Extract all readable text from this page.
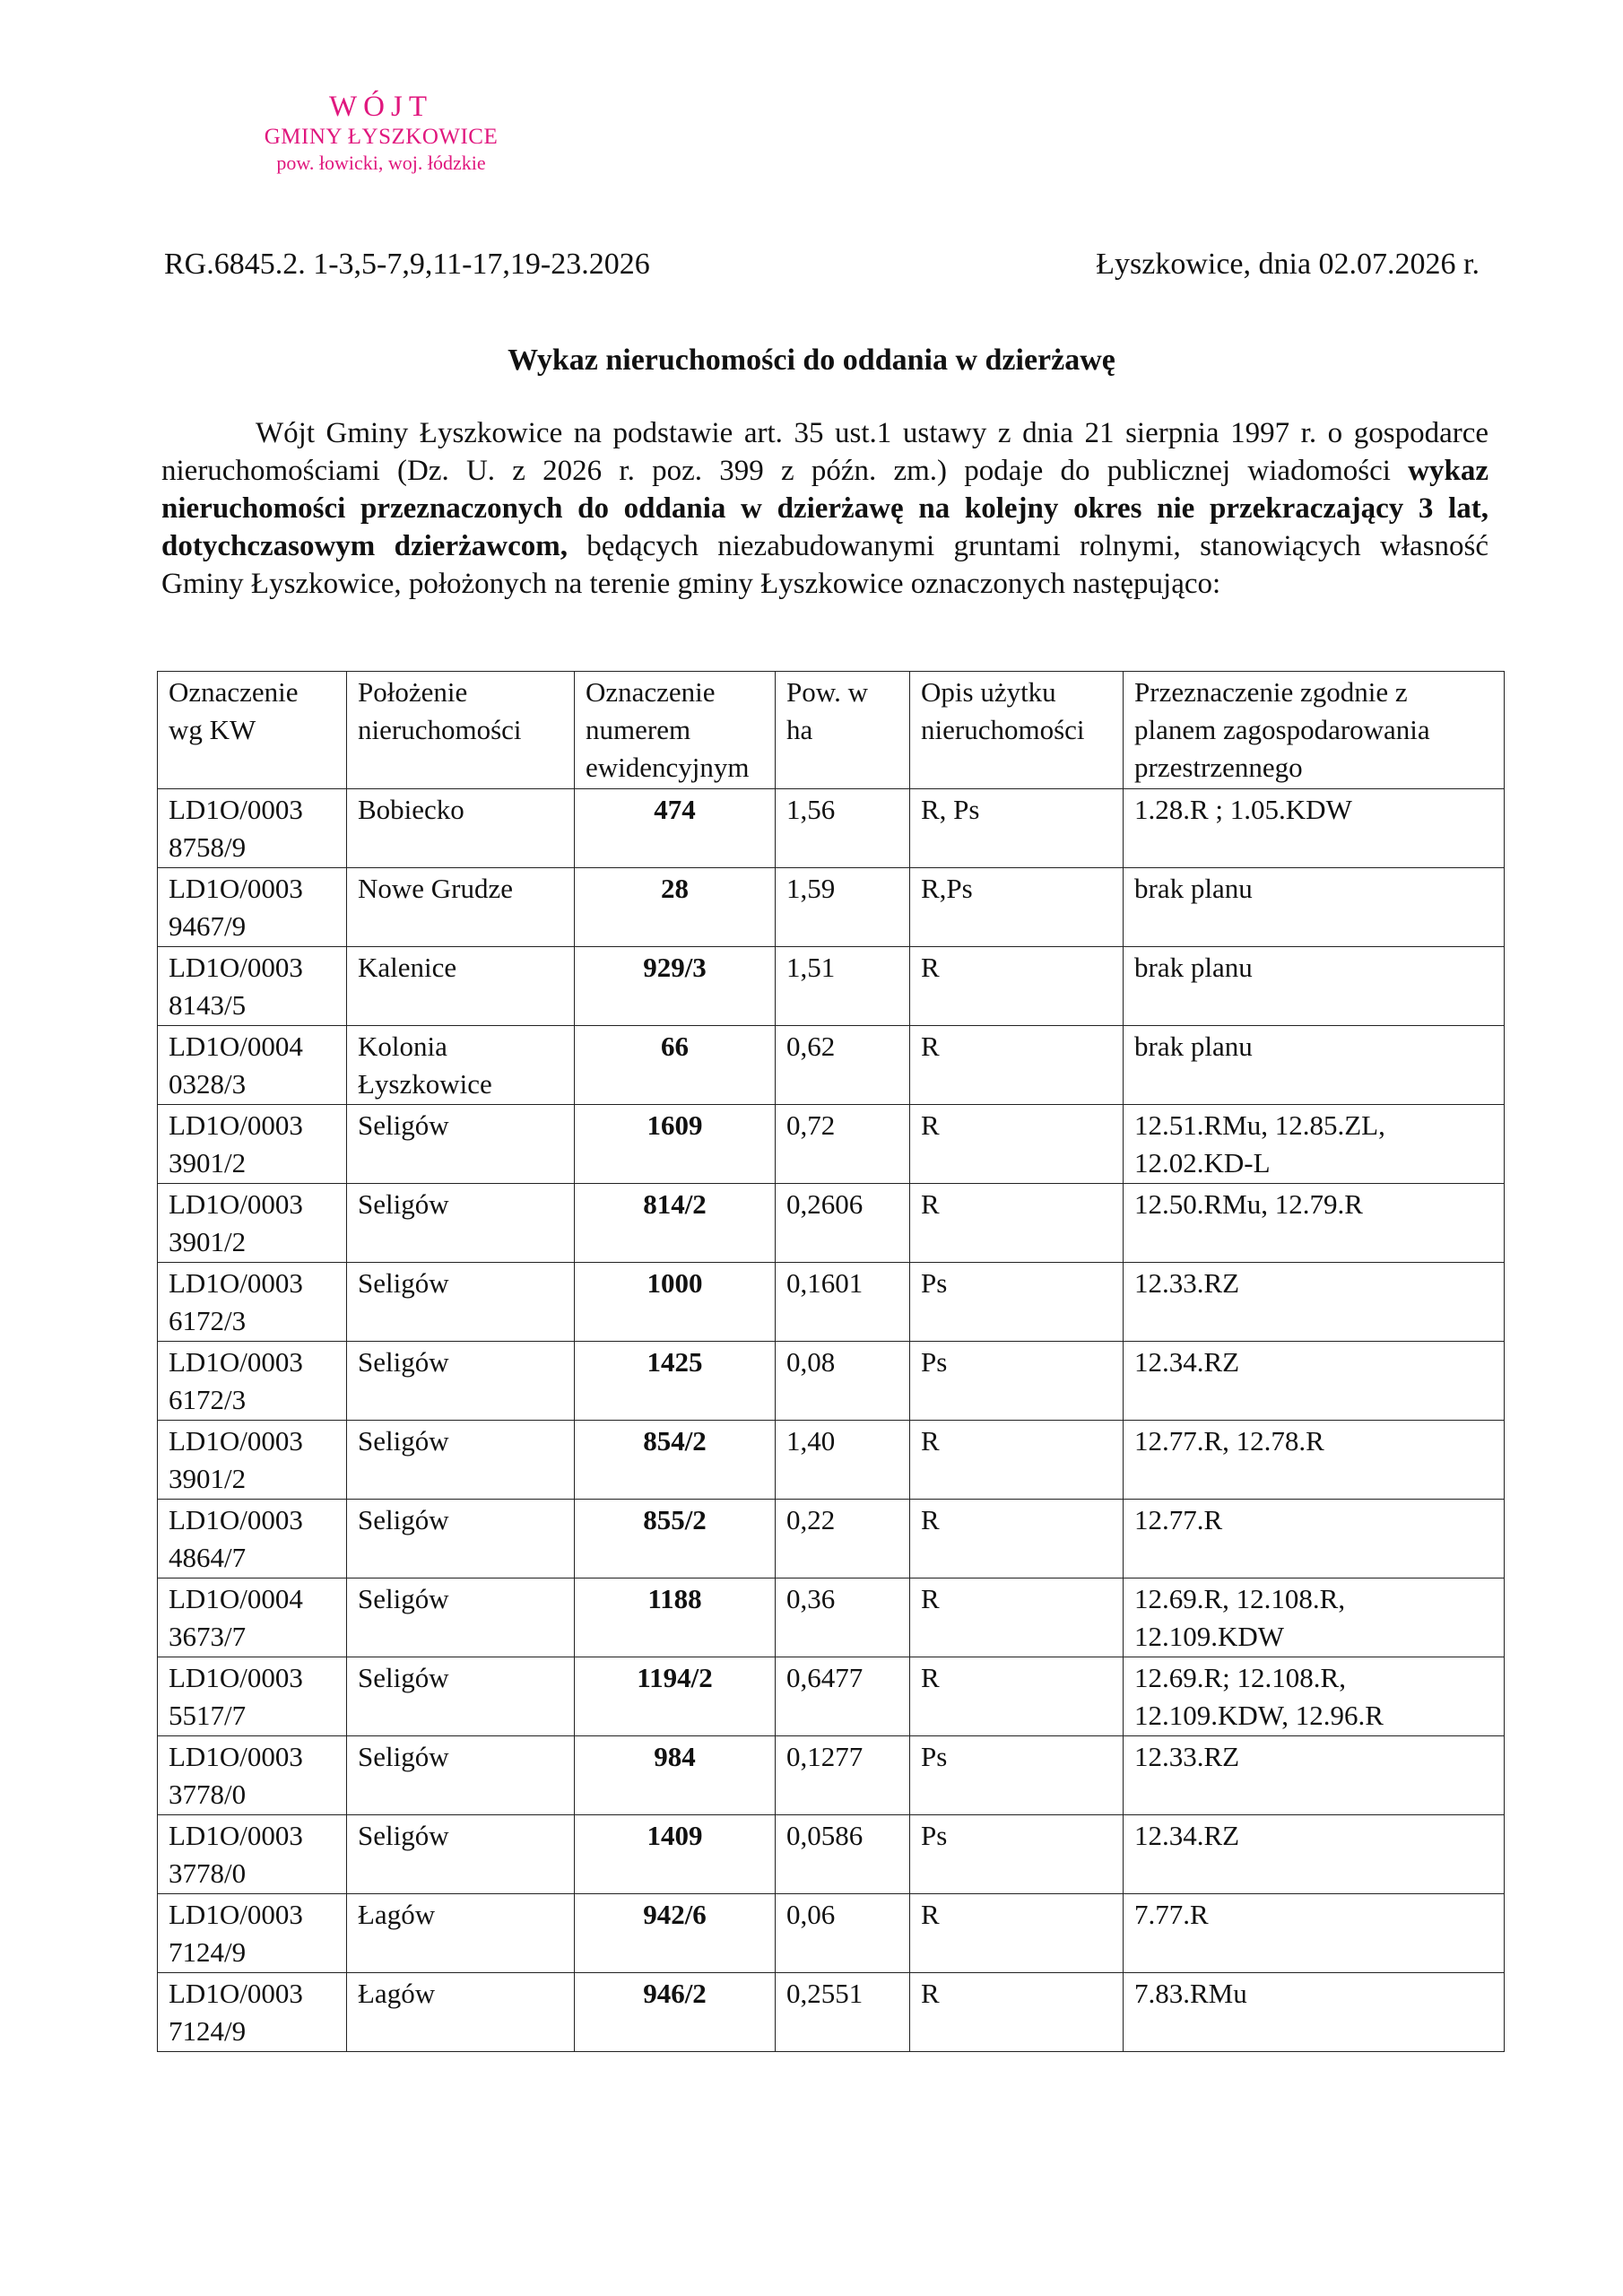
WÓJT
GMINY ŁYSZKOWICE
pow. łowicki, woj. łódzkie
RG.6845.2. 1-3,5-7,9,11-17,19-23.2026	Łyszkowice, dnia 02.07.2026 r.
Wykaz nieruchomości do oddania w dzierżawę
Wójt Gminy Łyszkowice na podstawie art. 35 ust.1 ustawy z dnia 21 sierpnia 1997 r. o gospodarce nieruchomościami (Dz. U. z 2026 r. poz. 399 z późn. zm.) podaje do publicznej wiadomości wykaz nieruchomości przeznaczonych do oddania w dzierżawę na kolejny okres nie przekraczający 3 lat, dotychczasowym dzierżawcom, będących niezabudowanymi gruntami rolnymi, stanowiących własność Gminy Łyszkowice, położonych na terenie gminy Łyszkowice oznaczonych następująco:
Oznaczenie wg KW	Położenie nieruchomości	Oznaczenie numerem ewidencyjnym	Pow. w ha	Opis użytku nieruchomości	Przeznaczenie zgodnie z planem zagospodarowania przestrzennego
LD1O/0003 8758/9	Bobiecko	474	1,56	R, Ps	1.28.R ; 1.05.KDW
LD1O/0003 9467/9	Nowe Grudze	28	1,59	R,Ps	brak planu
LD1O/0003 8143/5	Kalenice	929/3	1,51	R	brak planu
LD1O/0004 0328/3	Kolonia Łyszkowice	66	0,62	R	brak planu
LD1O/0003 3901/2	Seligów	1609	0,72	R	12.51.RMu, 12.85.ZL, 12.02.KD-L
LD1O/0003 3901/2	Seligów	814/2	0,2606	R	12.50.RMu, 12.79.R
LD1O/0003 6172/3	Seligów	1000	0,1601	Ps	12.33.RZ
LD1O/0003 6172/3	Seligów	1425	0,08	Ps	12.34.RZ
LD1O/0003 3901/2	Seligów	854/2	1,40	R	12.77.R, 12.78.R
LD1O/0003 4864/7	Seligów	855/2	0,22	R	12.77.R
LD1O/0004 3673/7	Seligów	1188	0,36	R	12.69.R, 12.108.R, 12.109.KDW
LD1O/0003 5517/7	Seligów	1194/2	0,6477	R	12.69.R; 12.108.R, 12.109.KDW, 12.96.R
LD1O/0003 3778/0	Seligów	984	0,1277	Ps	12.33.RZ
LD1O/0003 3778/0	Seligów	1409	0,0586	Ps	12.34.RZ
LD1O/0003 7124/9	Łagów	942/6	0,06	R	7.77.R
LD1O/0003 7124/9	Łagów	946/2	0,2551	R	7.83.RMu
